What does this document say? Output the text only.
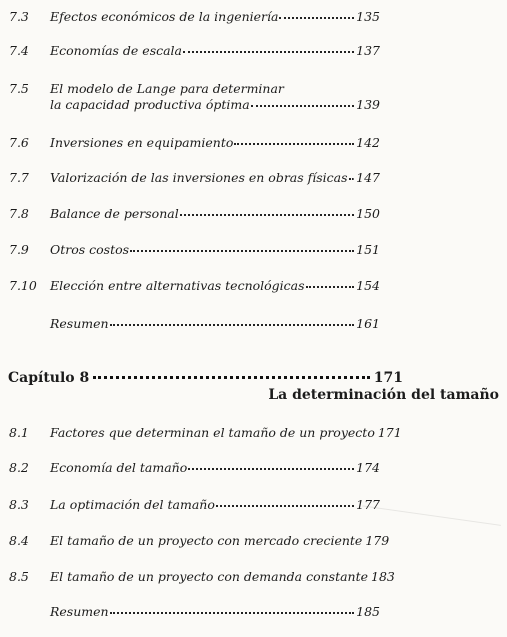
7.3 Efectos económicos de la ingeniería	135
7.4 Economías de escala	137
7.5 El modelo de Lange para determinar
la capacidad productiva óptima	139
7.6 Inversiones en equipamiento	142
7.7 Valorización de las inversiones en obras físicas 147
7.8 Balance de personal	150
7.9 Otros costos	151
7.10 Elección entre alternativas tecnológicas	154
Resumen	161
Capítulo 8	171
La determinación del tamaño
8.1 Factores que determinan el tamaño de un proyecto 171
8.2 Economía del tamaño	174
8.3 La optimación del tamaño	177
8.4 El tamaño de un proyecto con mercado creciente 179
8.5 El tamaño de un proyecto con demanda constante 183
Resumen	185
